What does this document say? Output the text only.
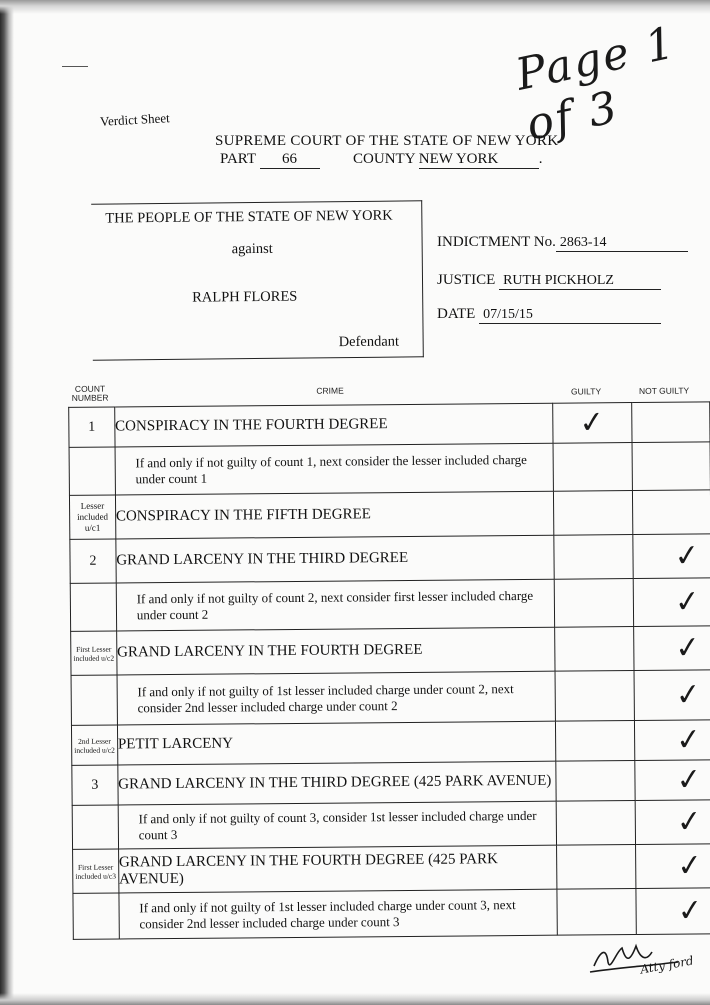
Page 1 of 3
Verdict Sheet
SUPREME COURT OF THE STATE OF NEW YORK
PART 66	COUNTY NEW YORK	.
THE PEOPLE OF THE STATE OF NEW YORK
against
RALPH FLORES
Defendant
INDICTMENT No. 2863-14
JUSTICE RUTH PICKHOLZ
DATE 07/15/15
COUNT NUMBER
CRIME	GUILTY	NOT GUILTY
1	CONSPIRACY IN THE FOURTH DEGREE	✓	
	If and only if not guilty of count 1, next consider the lesser included charge under count 1		
Lesser included u/c1	CONSPIRACY IN THE FIFTH DEGREE		
2	GRAND LARCENY IN THE THIRD DEGREE		✓
	If and only if not guilty of count 2, next consider first lesser included charge under count 2		✓
First Lesser included u/c2	GRAND LARCENY IN THE FOURTH DEGREE		✓
	If and only if not guilty of 1st lesser included charge under count 2, next consider 2nd lesser included charge under count 2		✓
2nd Lesser included u/c2	PETIT LARCENY		✓
3	GRAND LARCENY IN THE THIRD DEGREE (425 PARK AVENUE)		✓
	If and only if not guilty of count 3, consider 1st lesser included charge under count 3		✓
First Lesser included u/c3	GRAND LARCENY IN THE FOURTH DEGREE (425 PARK AVENUE)		✓
	If and only if not guilty of 1st lesser included charge under count 3, next consider 2nd lesser included charge under count 3		✓
Atty ford
